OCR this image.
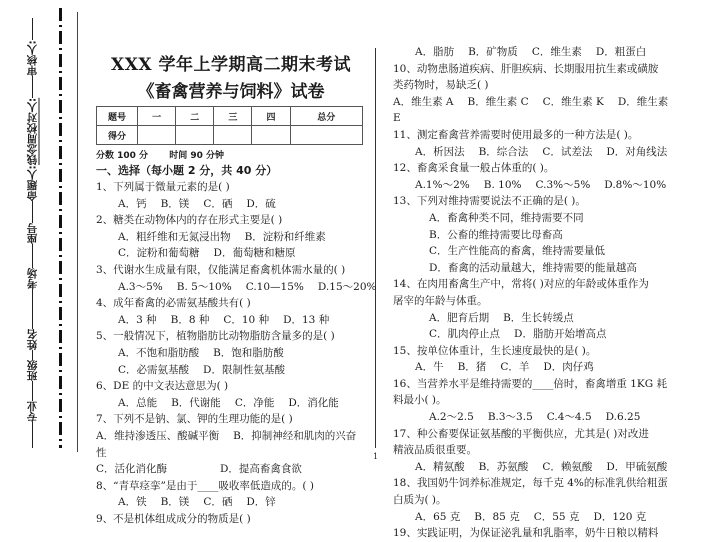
专业
班级
姓名
考场
座号
命题人:
钱念周校对人:
审核人:
1
XXX 学年上学期高二期末考试
《畜禽营养与饲料》试卷
题号	一	二	三	四	总分
得分					
分数 100 分 时间 90 分钟
一、选择（每小题 2 分，共 40 分）
1、下列属于微量元素的是( )
A．钙 B．镁 C．硒 D．硫
2、糖类在动物体内的存在形式主要是( )
A．粗纤维和无氮浸出物 B．淀粉和纤维素
C．淀粉和葡萄糖 D．葡萄糖和糖原
3、代谢水生成量有限，仅能满足畜禽机体需水量的( )
A.3～5% B. 5～10% C.10—15% D.15～20%
4、成年畜禽的必需氨基酸共有( )
A．3 种 B．8 种 C．10 种 D．13 种
5、一般情况下，植物脂肪比动物脂肪含量多的是( )
A．不饱和脂肪酸 B．饱和脂肪酸
C．必需氨基酸 D．限制性氨基酸
6、DE 的中文表达意思为( )
A．总能 B．代谢能 C．净能 D．消化能
7、下列不是钠、氯、钾的生理功能的是( )
A．维持渗透压、酸碱平衡 B．抑制神经和肌肉的兴奋
性
C．活化消化酶	D．提高畜禽食欲
8、“青草痉挛”是由于____吸收率低造成的。( )
A．铁 B．镁 C．硒 D．锌
9、不是机体组成成分的物质是( )
A．脂肪 B．矿物质 C．维生素 D．粗蛋白
10、动物患肠道疾病、肝胆疾病、长期服用抗生素或磺胺
类药物时，易缺乏( )
A．维生素 A B．维生素 C C．维生素 K D．维生素
E
11、测定畜禽营养需要时使用最多的一种方法是( )。
A．析因法 B．综合法 C．试差法 D．对角线法
12、畜禽采食量一般占体重的( )。
A.1%～2% B. 10% C.3%～5% D.8%～10%
13、下列对维持需要说法不正确的是( )。
A．畜禽种类不同，维持需要不同
B．公畜的维持需要比母畜高
C．生产性能高的畜禽，维持需要量低
D．畜禽的活动量越大，维持需要的能量越高
14、在肉用畜禽生产中，常将( )对应的年龄或体重作为
屠宰的年龄与体重。
A．肥育后期 B．生长转缓点
C．肌肉停止点 D．脂肪开始增高点
15、按单位体重计，生长速度最快的是( )。
A．牛 B．猪 C．羊 D．肉仔鸡
16、当营养水平是维持需要的____倍时，畜禽增重 1KG 耗
料最小( )。
A.2～2.5 B.3～3.5 C.4～4.5 D.6.25
17、种公畜要保证氨基酸的平衡供应，尤其是( )对改进
精液品质很重要。
A．精氨酸 B．苏氨酸 C．赖氨酸 D．甲硫氨酸
18、我国奶牛饲养标准规定，每千克 4%的标准乳供给粗蛋
白质为( )。
A．65 克 B．85 克 C．55 克 D．120 克
19、实践证明，为保证泌乳量和乳脂率，奶牛日粮以精料
